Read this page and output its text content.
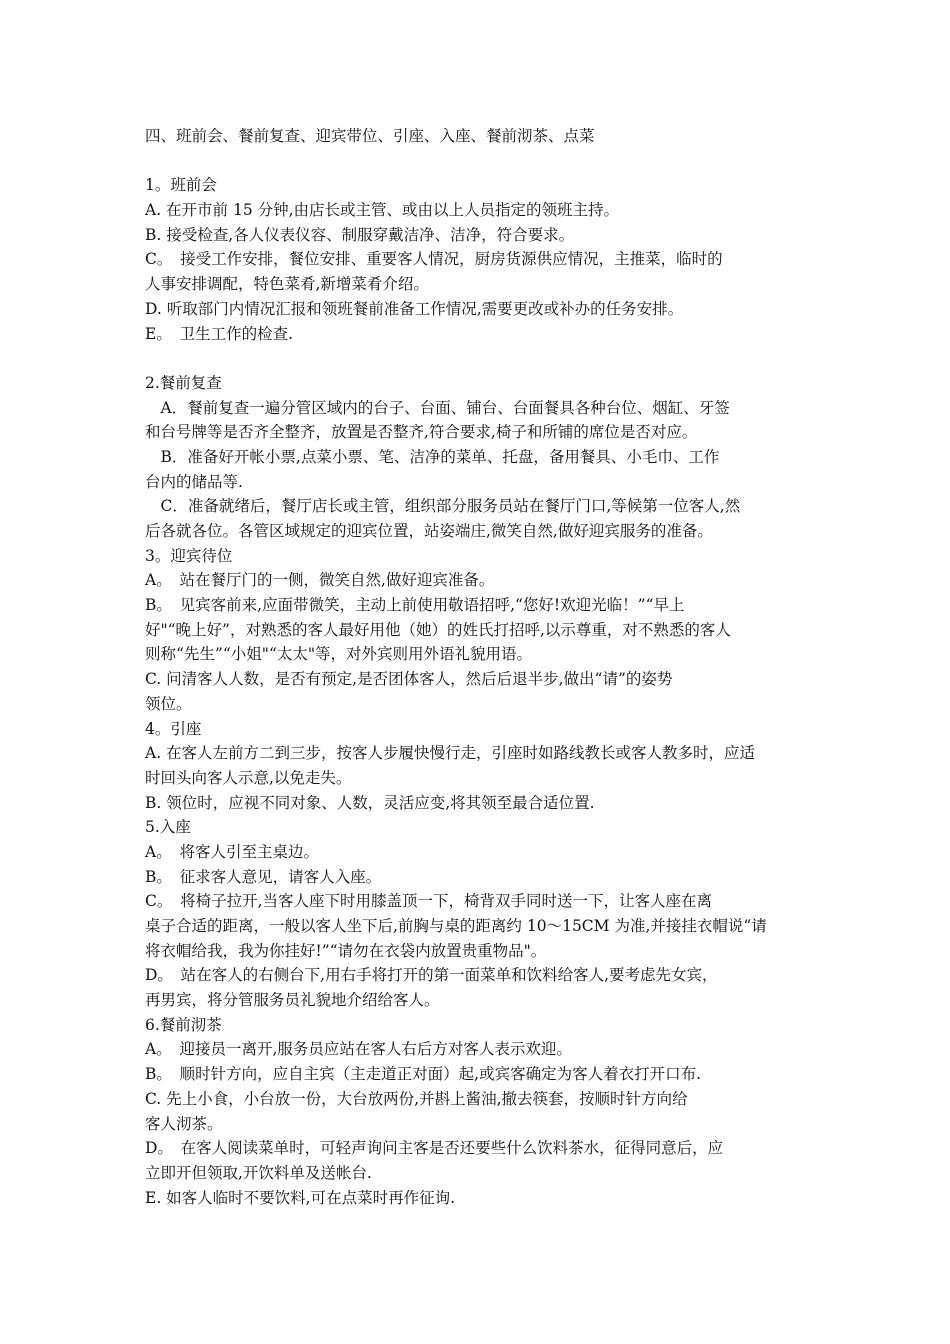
四、班前会、餐前复查、迎宾带位、引座、入座、餐前沏茶、点菜
1。班前会
A. 在开市前 15 分钟,由店长或主管、或由以上人员指定的领班主持。
B. 接受检查,各人仪表仪容、制服穿戴洁净、洁净，符合要求。
C。　接受工作安排，餐位安排、重要客人情况，厨房货源供应情况，主推菜，临时的
人事安排调配，特色菜肴,新增菜肴介绍。
D. 听取部门内情况汇报和领班餐前准备工作情况,需要更改或补办的任务安排。
E。　卫生工作的检查.
2.餐前复查
　A．餐前复查一遍分管区域内的台子、台面、铺台、台面餐具各种台位、烟缸、牙签
和台号牌等是否齐全整齐，放置是否整齐,符合要求,椅子和所铺的席位是否对应。
　B．准备好开帐小票,点菜小票、笔、洁净的菜单、托盘，备用餐具、小毛巾、工作
台内的储品等.
　C．准备就绪后，餐厅店长或主管，组织部分服务员站在餐厅门口,等候第一位客人,然
后各就各位。各管区域规定的迎宾位置，站姿端庄,微笑自然,做好迎宾服务的准备。
3。迎宾待位
A。　站在餐厅门的一侧，微笑自然,做好迎宾准备。
B。　见宾客前来,应面带微笑，主动上前使用敬语招呼,“您好!欢迎光临！”“早上
好"“晚上好”，对熟悉的客人最好用他（她）的姓氏打招呼,以示尊重，对不熟悉的客人
则称“先生”“小姐"“太太"等，对外宾则用外语礼貌用语。
C. 问清客人人数，是否有预定,是否团体客人，然后后退半步,做出“请”的姿势
领位。
4。引座
A. 在客人左前方二到三步，按客人步履快慢行走，引座时如路线教长或客人教多时，应适
时回头向客人示意,以免走失。
B. 领位时，应视不同对象、人数，灵活应变,将其领至最合适位置.
5.入座
A。　将客人引至主桌边。
B。　征求客人意见，请客人入座。
C。　将椅子拉开,当客人座下时用膝盖顶一下，椅背双手同时送一下，让客人座在离
桌子合适的距离，一般以客人坐下后,前胸与桌的距离约 10～15CM 为准,并接挂衣帽说“请
将衣帽给我，我为你挂好!”“请勿在衣袋内放置贵重物品"。
D。　站在客人的右侧台下,用右手将打开的第一面菜单和饮料给客人,要考虑先女宾，
再男宾，将分管服务员礼貌地介绍给客人。
6.餐前沏茶
A。　迎接员一离开,服务员应站在客人右后方对客人表示欢迎。
B。　顺时针方向，应自主宾（主走道正对面）起,或宾客确定为客人着衣打开口布.
C. 先上小食，小台放一份，大台放两份,并斟上酱油,撤去筷套，按顺时针方向给
客人沏茶。
D。　在客人阅读菜单时，可轻声询问主客是否还要些什么饮料茶水，征得同意后，应
立即开但领取,开饮料单及送帐台.
E. 如客人临时不要饮料,可在点菜时再作征询.
